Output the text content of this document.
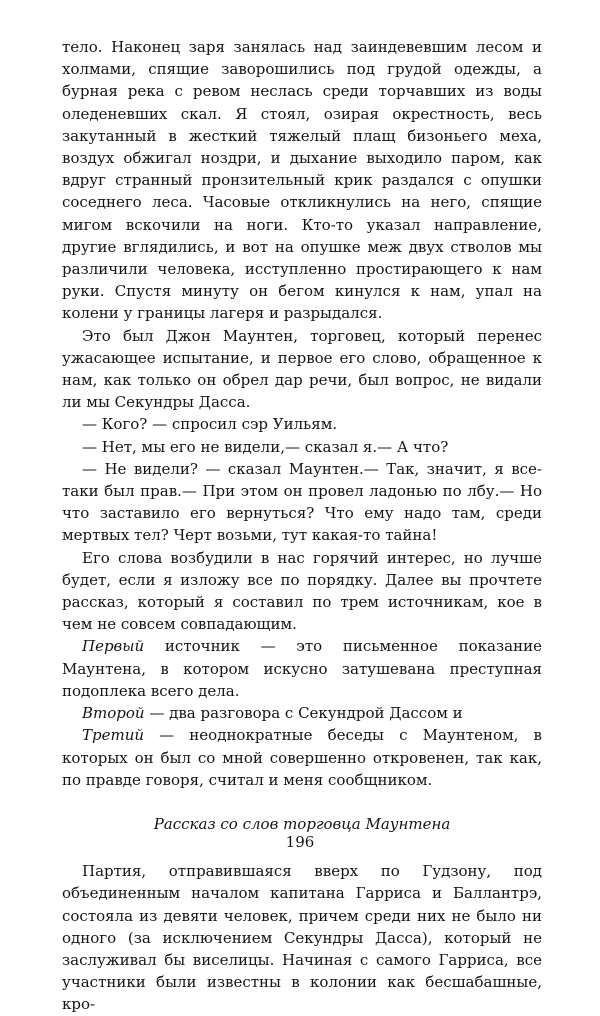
тело. Наконец заря занялась над заиндевевшим лесом и холмами, спящие заворошились под грудой одежды, а бурная река с ревом неслась среди торчавших из воды оледеневших скал. Я стоял, озирая окрестность, весь закутанный в жесткий тяжелый плащ бизоньего меха, воздух обжигал ноздри, и дыхание выходило паром, как вдруг странный пронзительный крик раздался с опушки соседнего леса. Часовые откликнулись на него, спящие мигом вскочили на ноги. Кто-то указал направление, другие вглядились, и вот на опушке меж двух стволов мы различили человека, исступленно простирающего к нам руки. Спустя минуту он бегом кинулся к нам, упал на колени у границы лагеря и разрыдался.

Это был Джон Маунтен, торговец, который перенес ужасающее испытание, и первое его слово, обращенное к нам, как только он обрел дар речи, был вопрос, не видали ли мы Секундры Дасса.

— Кого? — спросил сэр Уильям.

— Нет, мы его не видели,— сказал я.— А что?

— Не видели? — сказал Маунтен.— Так, значит, я все-таки был прав.— При этом он провел ладонью по лбу.— Но что заставило его вернуться? Что ему надо там, среди мертвых тел? Черт возьми, тут какая-то тайна!

Его слова возбудили в нас горячий интерес, но лучше будет, если я изложу все по порядку. Далее вы прочтете рассказ, который я составил по трем источникам, кое в чем не совсем совпадающим.

Первый источник — это письменное показание Маунтена, в котором искусно затушевана преступная подоплека всего дела.

Второй — два разговора с Секундрой Дассом и

Третий — неоднократные беседы с Маунтеном, в которых он был со мной совершенно откровенен, так как, по правде говоря, считал и меня сообщником.

Рассказ со слов торговца Маунтена

Партия, отправившаяся вверх по Гудзону, под объединенным началом капитана Гарриса и Баллантрэ, состояла из девяти человек, причем среди них не было ни одного (за исключением Секундры Дасса), который не заслуживал бы виселицы. Начиная с самого Гарриса, все участники были известны в колонии как бесшабашные, кро-

196
